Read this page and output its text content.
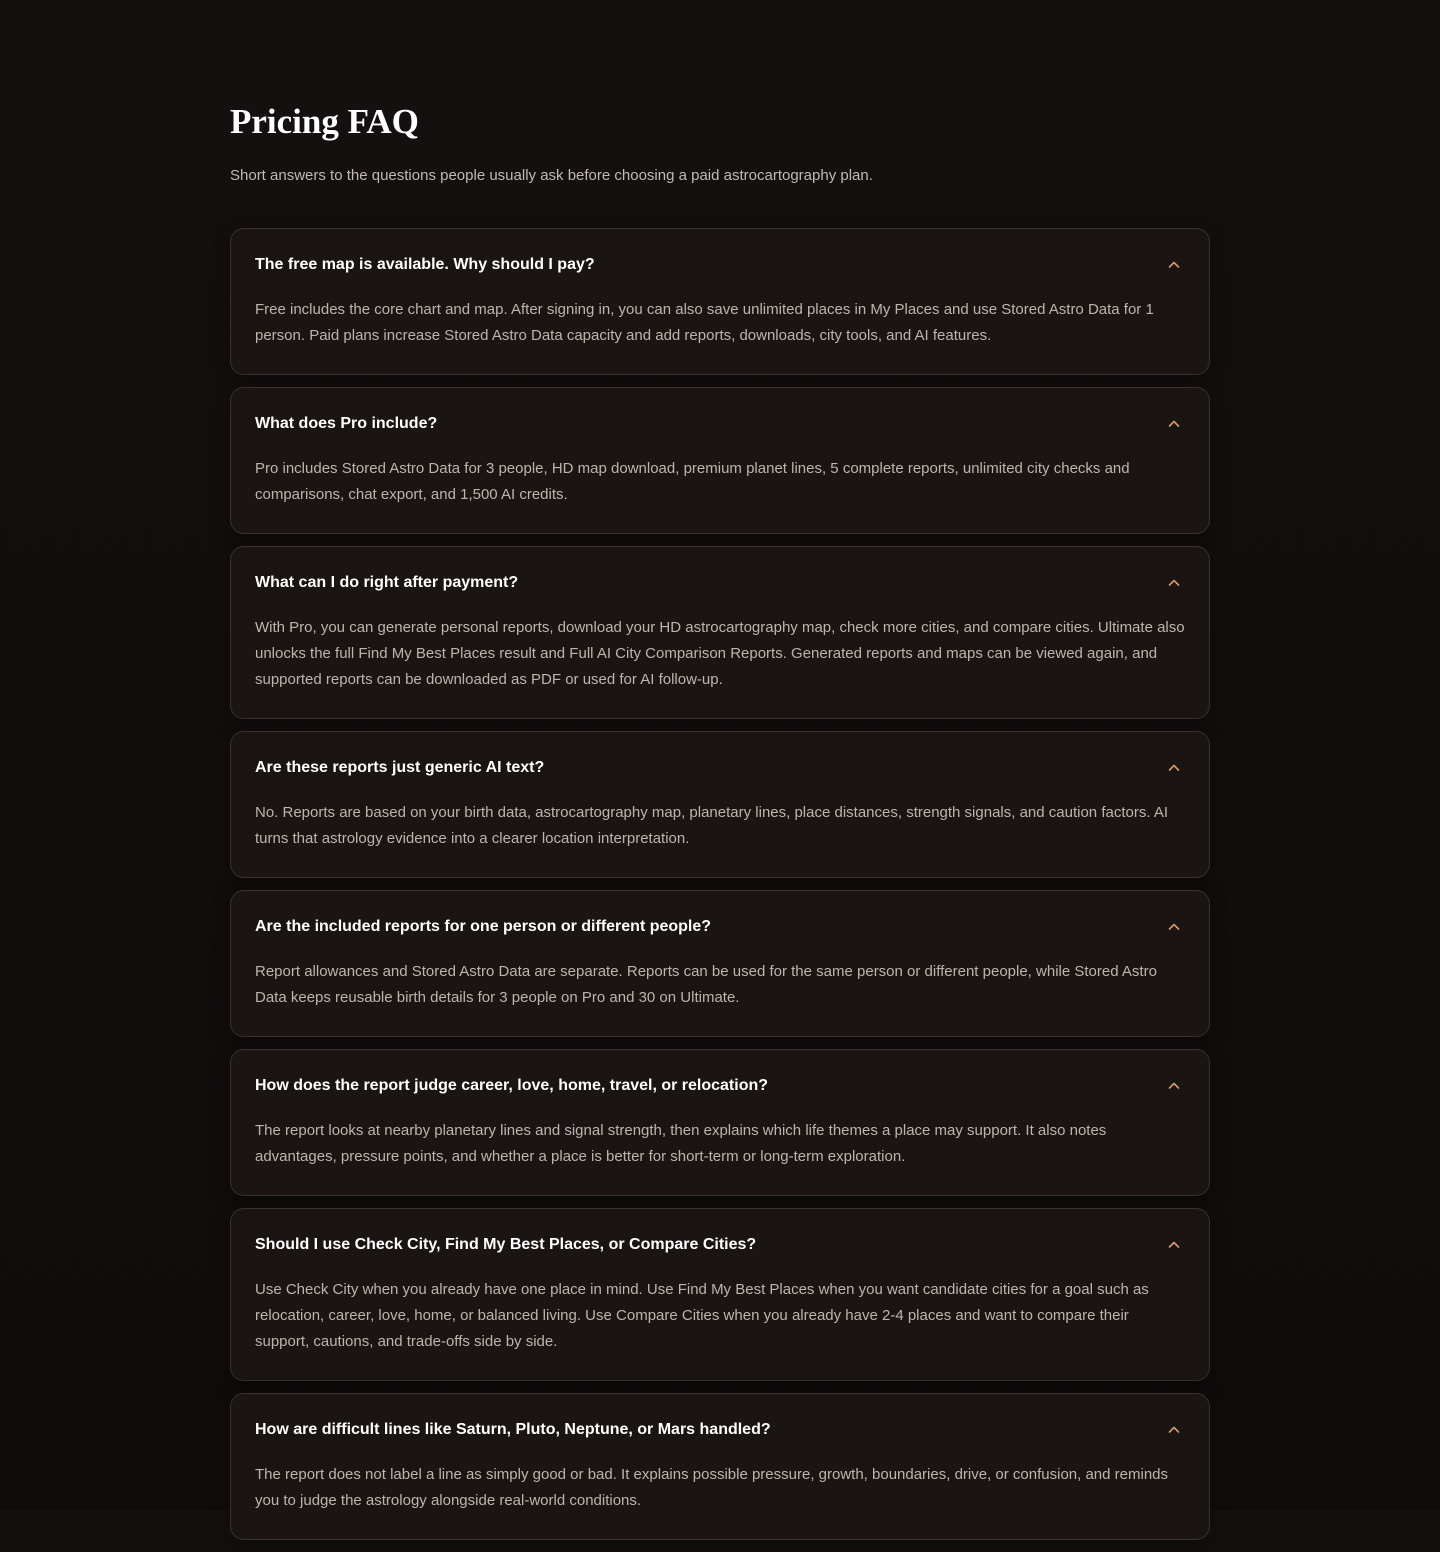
Pricing FAQ

Short answers to the questions people usually ask before choosing a paid astrocartography plan.

The free map is available. Why should I pay?

Free includes the core chart and map. After signing in, you can also save unlimited places in My Places and use Stored Astro Data for 1 person. Paid plans increase Stored Astro Data capacity and add reports, downloads, city tools, and AI features.

What does Pro include?

Pro includes Stored Astro Data for 3 people, HD map download, premium planet lines, 5 complete reports, unlimited city checks and comparisons, chat export, and 1,500 AI credits.

What can I do right after payment?

With Pro, you can generate personal reports, download your HD astrocartography map, check more cities, and compare cities. Ultimate also unlocks the full Find My Best Places result and Full AI City Comparison Reports. Generated reports and maps can be viewed again, and supported reports can be downloaded as PDF or used for AI follow-up.

Are these reports just generic AI text?

No. Reports are based on your birth data, astrocartography map, planetary lines, place distances, strength signals, and caution factors. AI turns that astrology evidence into a clearer location interpretation.

Are the included reports for one person or different people?

Report allowances and Stored Astro Data are separate. Reports can be used for the same person or different people, while Stored Astro Data keeps reusable birth details for 3 people on Pro and 30 on Ultimate.

How does the report judge career, love, home, travel, or relocation?

The report looks at nearby planetary lines and signal strength, then explains which life themes a place may support. It also notes advantages, pressure points, and whether a place is better for short-term or long-term exploration.

Should I use Check City, Find My Best Places, or Compare Cities?

Use Check City when you already have one place in mind. Use Find My Best Places when you want candidate cities for a goal such as relocation, career, love, home, or balanced living. Use Compare Cities when you already have 2-4 places and want to compare their support, cautions, and trade-offs side by side.

How are difficult lines like Saturn, Pluto, Neptune, or Mars handled?

The report does not label a line as simply good or bad. It explains possible pressure, growth, boundaries, drive, or confusion, and reminds you to judge the astrology alongside real-world conditions.
